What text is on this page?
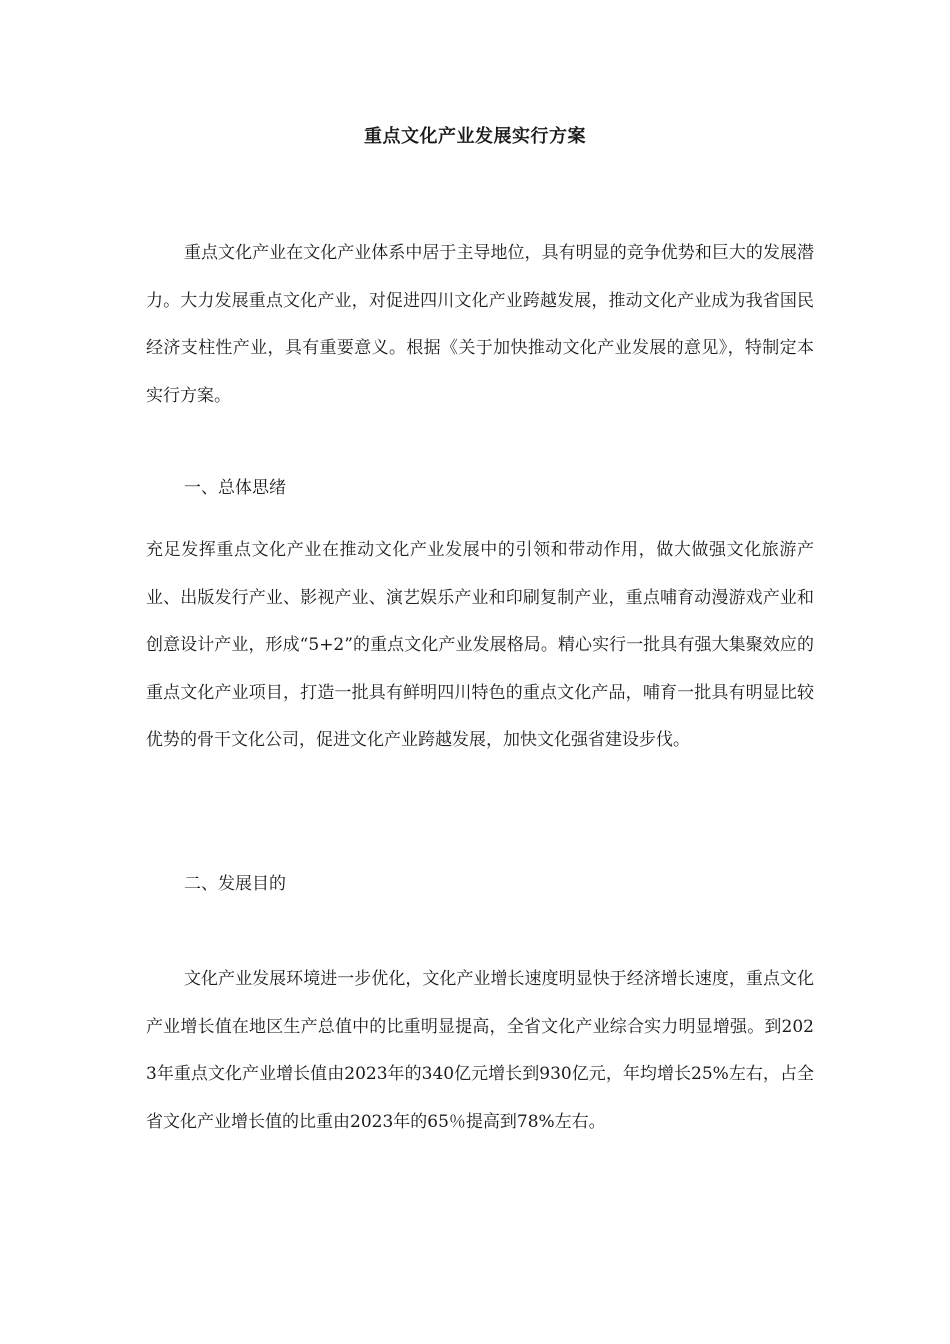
重点文化产业发展实行方案
重点文化产业在文化产业体系中居于主导地位，具有明显的竞争优势和巨大的发展潜力。大力发展重点文化产业，对促进四川文化产业跨越发展，推动文化产业成为我省国民经济支柱性产业，具有重要意义。根据《关于加快推动文化产业发展的意见》，特制定本实行方案。
一、总体思绪
充足发挥重点文化产业在推动文化产业发展中的引领和带动作用，做大做强文化旅游产业、出版发行产业、影视产业、演艺娱乐产业和印刷复制产业，重点哺育动漫游戏产业和创意设计产业，形成“5+2”的重点文化产业发展格局。精心实行一批具有强大集聚效应的重点文化产业项目，打造一批具有鲜明四川特色的重点文化产品，哺育一批具有明显比较优势的骨干文化公司，促进文化产业跨越发展，加快文化强省建设步伐。
二、发展目的
文化产业发展环境进一步优化，文化产业增长速度明显快于经济增长速度，重点文化产业增长值在地区生产总值中的比重明显提高，全省文化产业综合实力明显增强。到2023年重点文化产业增长值由2023年的340亿元增长到930亿元，年均增长25%左右，占全省文化产业增长值的比重由2023年的65％提高到78%左右。
